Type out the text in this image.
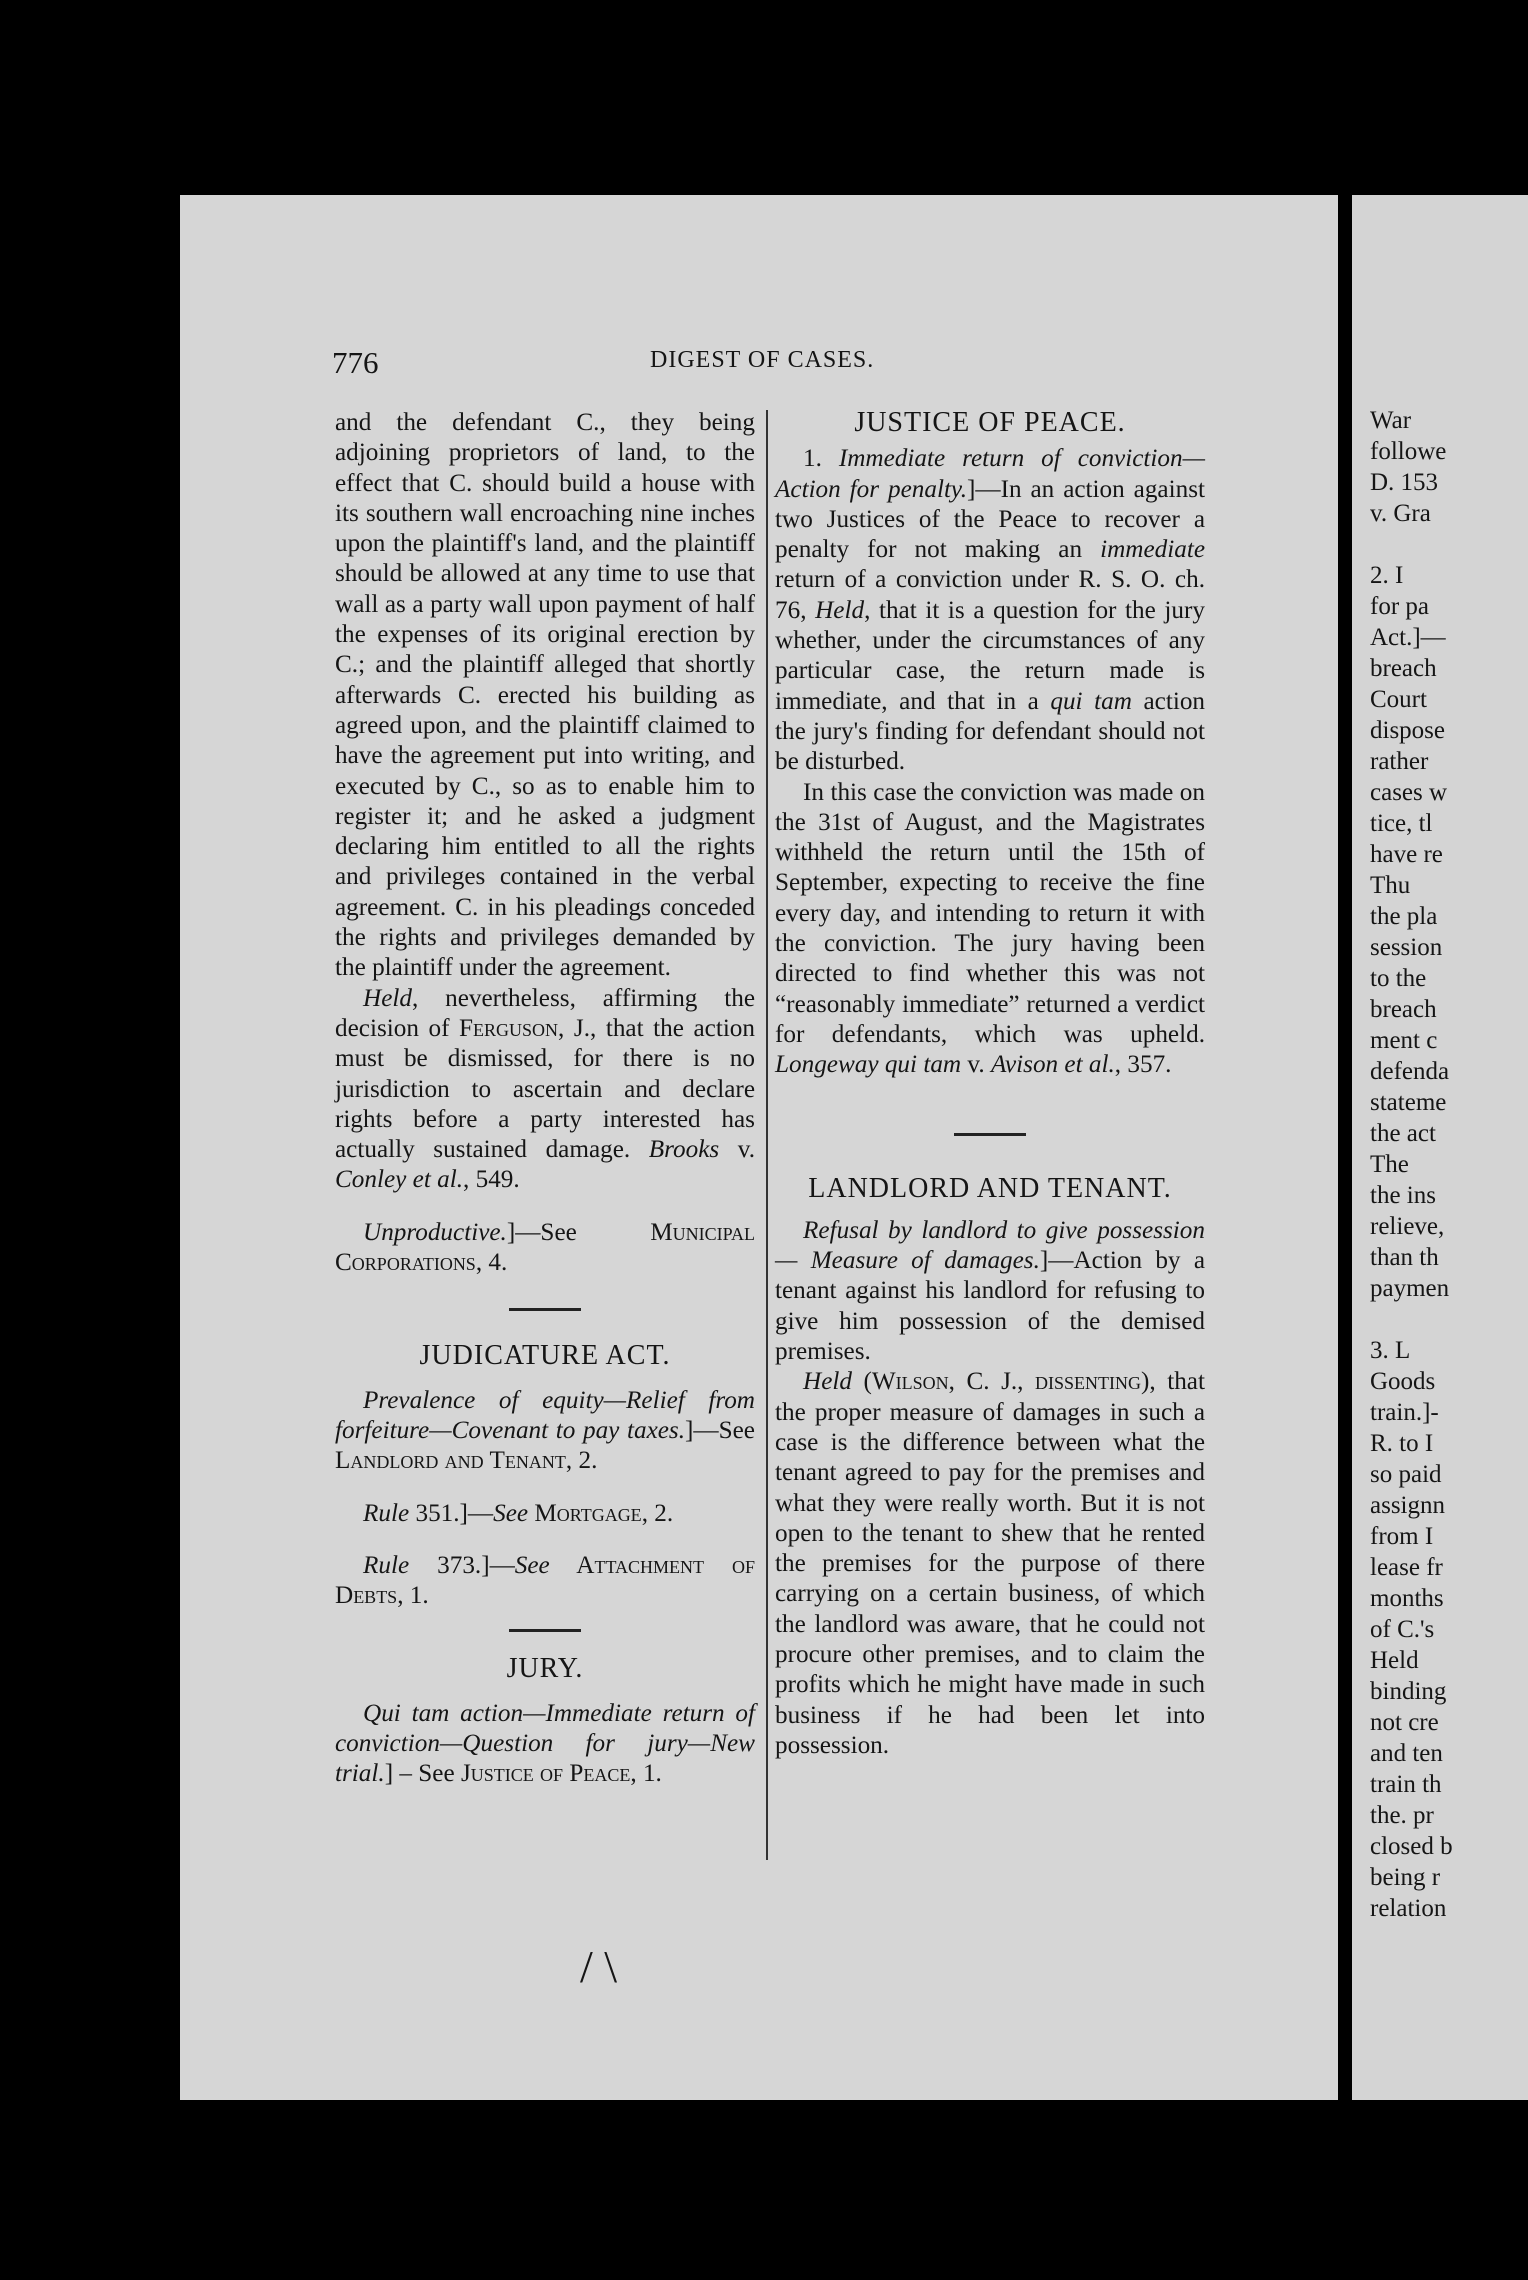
776	DIGEST OF CASES.

and the defendant C., they being adjoining proprietors of land, to the effect that C. should build a house with its southern wall encroaching nine inches upon the plaintiff's land, and the plaintiff should be allowed at any time to use that wall as a party wall upon payment of half the expenses of its original erection by C.; and the plaintiff alleged that shortly afterwards C. erected his building as agreed upon, and the plaintiff claimed to have the agreement put into writing, and executed by C., so as to enable him to register it; and he asked a judgment declaring him entitled to all the rights and privileges contained in the verbal agreement. C. in his pleadings conceded the rights and privileges demanded by the plaintiff under the agreement.

Held, nevertheless, affirming the decision of Ferguson, J., that the action must be dismissed, for there is no jurisdiction to ascertain and declare rights before a party interested has actually sustained damage. Brooks v. Conley et al., 549.

Unproductive.]—See Municipal Corporations, 4.

JUDICATURE ACT.

Prevalence of equity—Relief from forfeiture—Covenant to pay taxes.]—See Landlord and Tenant, 2.

Rule 351.]—See Mortgage, 2.

Rule 373.]—See Attachment of Debts, 1.

JURY.

Qui tam action—Immediate return of conviction—Question for jury—New trial.] – See Justice of Peace, 1.

JUSTICE OF PEACE.

1. Immediate return of conviction—Action for penalty.]—In an action against two Justices of the Peace to recover a penalty for not making an immediate return of a conviction under R. S. O. ch. 76, Held, that it is a question for the jury whether, under the circumstances of any particular case, the return made is immediate, and that in a qui tam action the jury's finding for defendant should not be disturbed.

In this case the conviction was made on the 31st of August, and the Magistrates withheld the return until the 15th of September, expecting to receive the fine every day, and intending to return it with the conviction. The jury having been directed to find whether this was not “reasonably immediate” returned a verdict for defendants, which was upheld. Longeway qui tam v. Avison et al., 357.

LANDLORD AND TENANT.

Refusal by landlord to give possession — Measure of damages.]—Action by a tenant against his landlord for refusing to give him possession of the demised premises.

Held (Wilson, C. J., dissenting), that the proper measure of damages in such a case is the difference between what the tenant agreed to pay for the premises and what they were really worth. But it is not open to the tenant to shew that he rented the premises for the purpose of there carrying on a certain business, of which the landlord was aware, that he could not procure other premises, and to claim the profits which he might have made in such business if he had been let into possession.

/ \
War
followe
D. 153
v. Gra

2. I
for pa
Act.]—
breach
Court
dispose
rather
cases w
tice, tl
have re
Thu
the pla
session
to the
breach
ment c
defenda
stateme
the act
The
the ins
relieve,
than th
paymen

3. L
Goods
train.]-
R. to I
so paid
assignn
from I
lease fr
months
of C.'s
Held
binding
not cre
and ten
train th
the. pr
closed b
being r
relation
